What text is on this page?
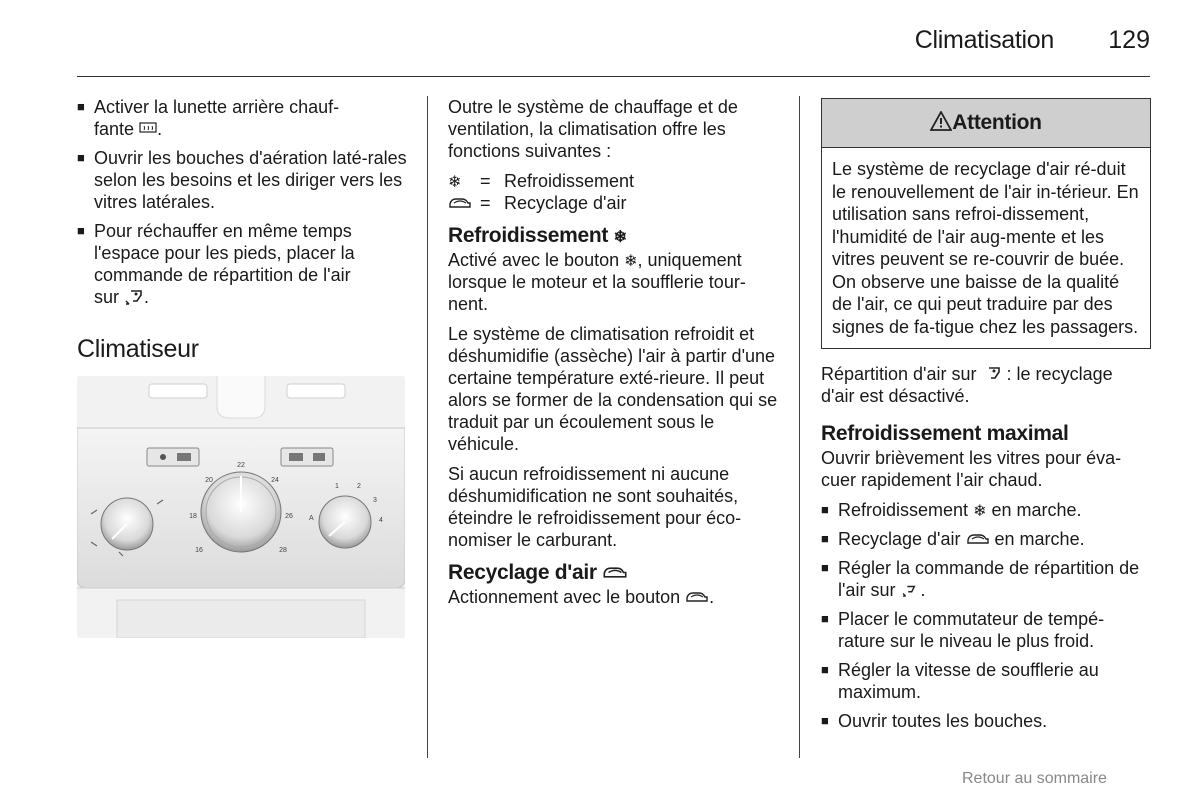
Climatisation 129
■ Activer la lunette arrière chauf-
fante .
■ Ouvrir les bouches d'aération laté-rales selon les besoins et les diriger vers les vitres latérales.
■ Pour réchauffer en même temps l'espace pour les pieds, placer la commande de répartition de l'air
sur .
Climatiseur
22
20	24
18	26
16	28
1	2
3
4
A
Outre le système de chauffage et de ventilation, la climatisation offre les fonctions suivantes :
❄	= Refroidissement
= Recyclage d'air
Refroidissement ❄
Activé avec le bouton ❄, uniquement lorsque le moteur et la soufflerie tour-nent.
Le système de climatisation refroidit et déshumidifie (assèche) l'air à partir d'une certaine température exté-rieure. Il peut alors se former de la condensation qui se traduit par un écoulement sous le véhicule.
Si aucun refroidissement ni aucune déshumidification ne sont souhaités, éteindre le refroidissement pour éco-nomiser le carburant.
Recyclage d'air
Actionnement avec le bouton .
Attention
Le système de recyclage d'air ré-duit le renouvellement de l'air in-térieur. En utilisation sans refroi-dissement, l'humidité de l'air aug-mente et les vitres peuvent se re-couvrir de buée. On observe une baisse de la qualité de l'air, ce qui peut traduire par des signes de fa-tigue chez les passagers.
Répartition d'air sur : le recyclage d'air est désactivé.
Refroidissement maximal
Ouvrir brièvement les vitres pour éva-cuer rapidement l'air chaud.
■ Refroidissement ❄ en marche.
■ Recyclage d'air en marche.
■ Régler la commande de répartition de l'air sur .
■ Placer le commutateur de tempé-rature sur le niveau le plus froid.
■ Régler la vitesse de soufflerie au maximum.
■ Ouvrir toutes les bouches.
Retour au sommaire
